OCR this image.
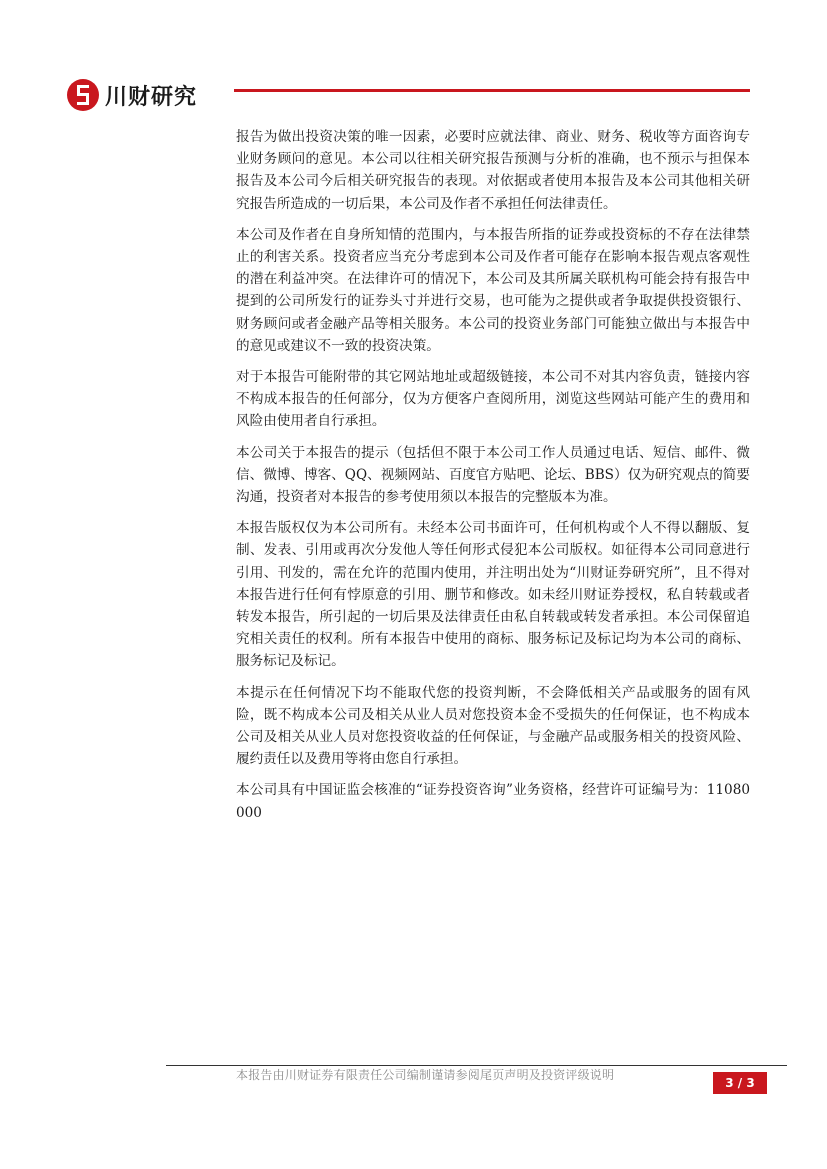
川财研究

报告为做出投资决策的唯一因素，必要时应就法律、商业、财务、税收等方面咨询专业财务顾问的意见。本公司以往相关研究报告预测与分析的准确，也不预示与担保本报告及本公司今后相关研究报告的表现。对依据或者使用本报告及本公司其他相关研究报告所造成的一切后果，本公司及作者不承担任何法律责任。

本公司及作者在自身所知情的范围内，与本报告所指的证券或投资标的不存在法律禁止的利害关系。投资者应当充分考虑到本公司及作者可能存在影响本报告观点客观性的潜在利益冲突。在法律许可的情况下，本公司及其所属关联机构可能会持有报告中提到的公司所发行的证券头寸并进行交易，也可能为之提供或者争取提供投资银行、财务顾问或者金融产品等相关服务。本公司的投资业务部门可能独立做出与本报告中的意见或建议不一致的投资决策。

对于本报告可能附带的其它网站地址或超级链接，本公司不对其内容负责，链接内容不构成本报告的任何部分，仅为方便客户查阅所用，浏览这些网站可能产生的费用和风险由使用者自行承担。

本公司关于本报告的提示（包括但不限于本公司工作人员通过电话、短信、邮件、微信、微博、博客、QQ、视频网站、百度官方贴吧、论坛、BBS）仅为研究观点的简要沟通，投资者对本报告的参考使用须以本报告的完整版本为准。

本报告版权仅为本公司所有。未经本公司书面许可，任何机构或个人不得以翻版、复制、发表、引用或再次分发他人等任何形式侵犯本公司版权。如征得本公司同意进行引用、刊发的，需在允许的范围内使用，并注明出处为“川财证券研究所”，且不得对本报告进行任何有悖原意的引用、删节和修改。如未经川财证券授权，私自转载或者转发本报告，所引起的一切后果及法律责任由私自转载或转发者承担。本公司保留追究相关责任的权利。所有本报告中使用的商标、服务标记及标记均为本公司的商标、服务标记及标记。

本提示在任何情况下均不能取代您的投资判断，不会降低相关产品或服务的固有风险，既不构成本公司及相关从业人员对您投资本金不受损失的任何保证，也不构成本公司及相关从业人员对您投资收益的任何保证，与金融产品或服务相关的投资风险、履约责任以及费用等将由您自行承担。

本公司具有中国证监会核准的“证券投资咨询”业务资格，经营许可证编号为：11080000

本报告由川财证券有限责任公司编制谨请参阅尾页声明及投资评级说明
3 / 3
